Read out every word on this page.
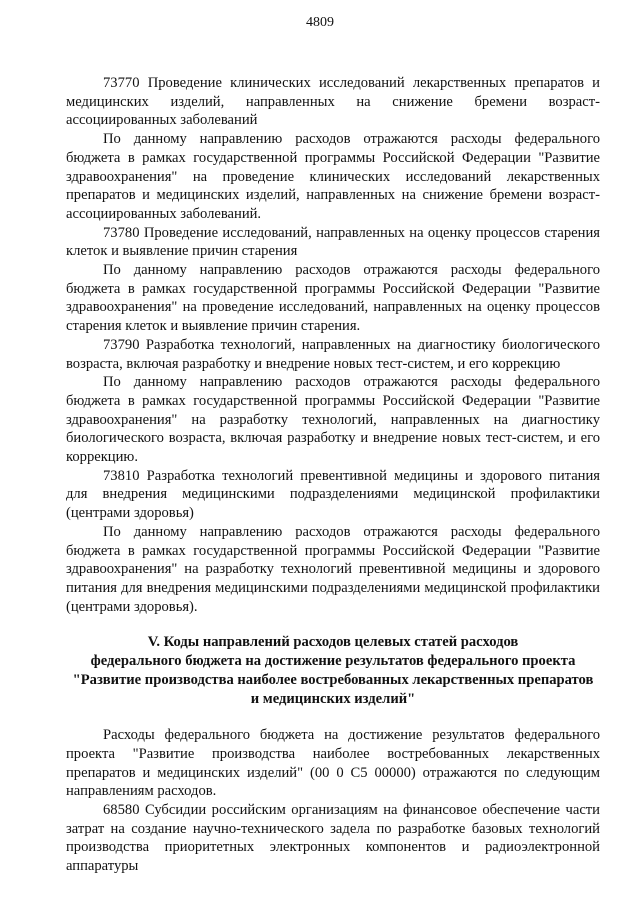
4809

73770 Проведение клинических исследований лекарственных препаратов и медицинских изделий, направленных на снижение бремени возраст-ассоциированных заболеваний

По данному направлению расходов отражаются расходы федерального бюджета в рамках государственной программы Российской Федерации "Развитие здравоохранения" на проведение клинических исследований лекарственных препаратов и медицинских изделий, направленных на снижение бремени возраст-ассоциированных заболеваний.

73780 Проведение исследований, направленных на оценку процессов старения клеток и выявление причин старения

По данному направлению расходов отражаются расходы федерального бюджета в рамках государственной программы Российской Федерации "Развитие здравоохранения" на проведение исследований, направленных на оценку процессов старения клеток и выявление причин старения.

73790 Разработка технологий, направленных на диагностику биологического возраста, включая разработку и внедрение новых тест-систем, и его коррекцию

По данному направлению расходов отражаются расходы федерального бюджета в рамках государственной программы Российской Федерации "Развитие здравоохранения" на разработку технологий, направленных на диагностику биологического возраста, включая разработку и внедрение новых тест-систем, и его коррекцию.

73810 Разработка технологий превентивной медицины и здорового питания для внедрения медицинскими подразделениями медицинской профилактики (центрами здоровья)

По данному направлению расходов отражаются расходы федерального бюджета в рамках государственной программы Российской Федерации "Развитие здравоохранения" на разработку технологий превентивной медицины и здорового питания для внедрения медицинскими подразделениями медицинской профилактики (центрами здоровья).

V. Коды направлений расходов целевых статей расходов
федерального бюджета на достижение результатов федерального проекта
"Развитие производства наиболее востребованных лекарственных препаратов
и медицинских изделий"

Расходы федерального бюджета на достижение результатов федерального проекта "Развитие производства наиболее востребованных лекарственных препаратов и медицинских изделий" (00 0 С5 00000) отражаются по следующим направлениям расходов.

68580 Субсидии российским организациям на финансовое обеспечение части затрат на создание научно-технического задела по разработке базовых технологий производства приоритетных электронных компонентов и радиоэлектронной аппаратуры
